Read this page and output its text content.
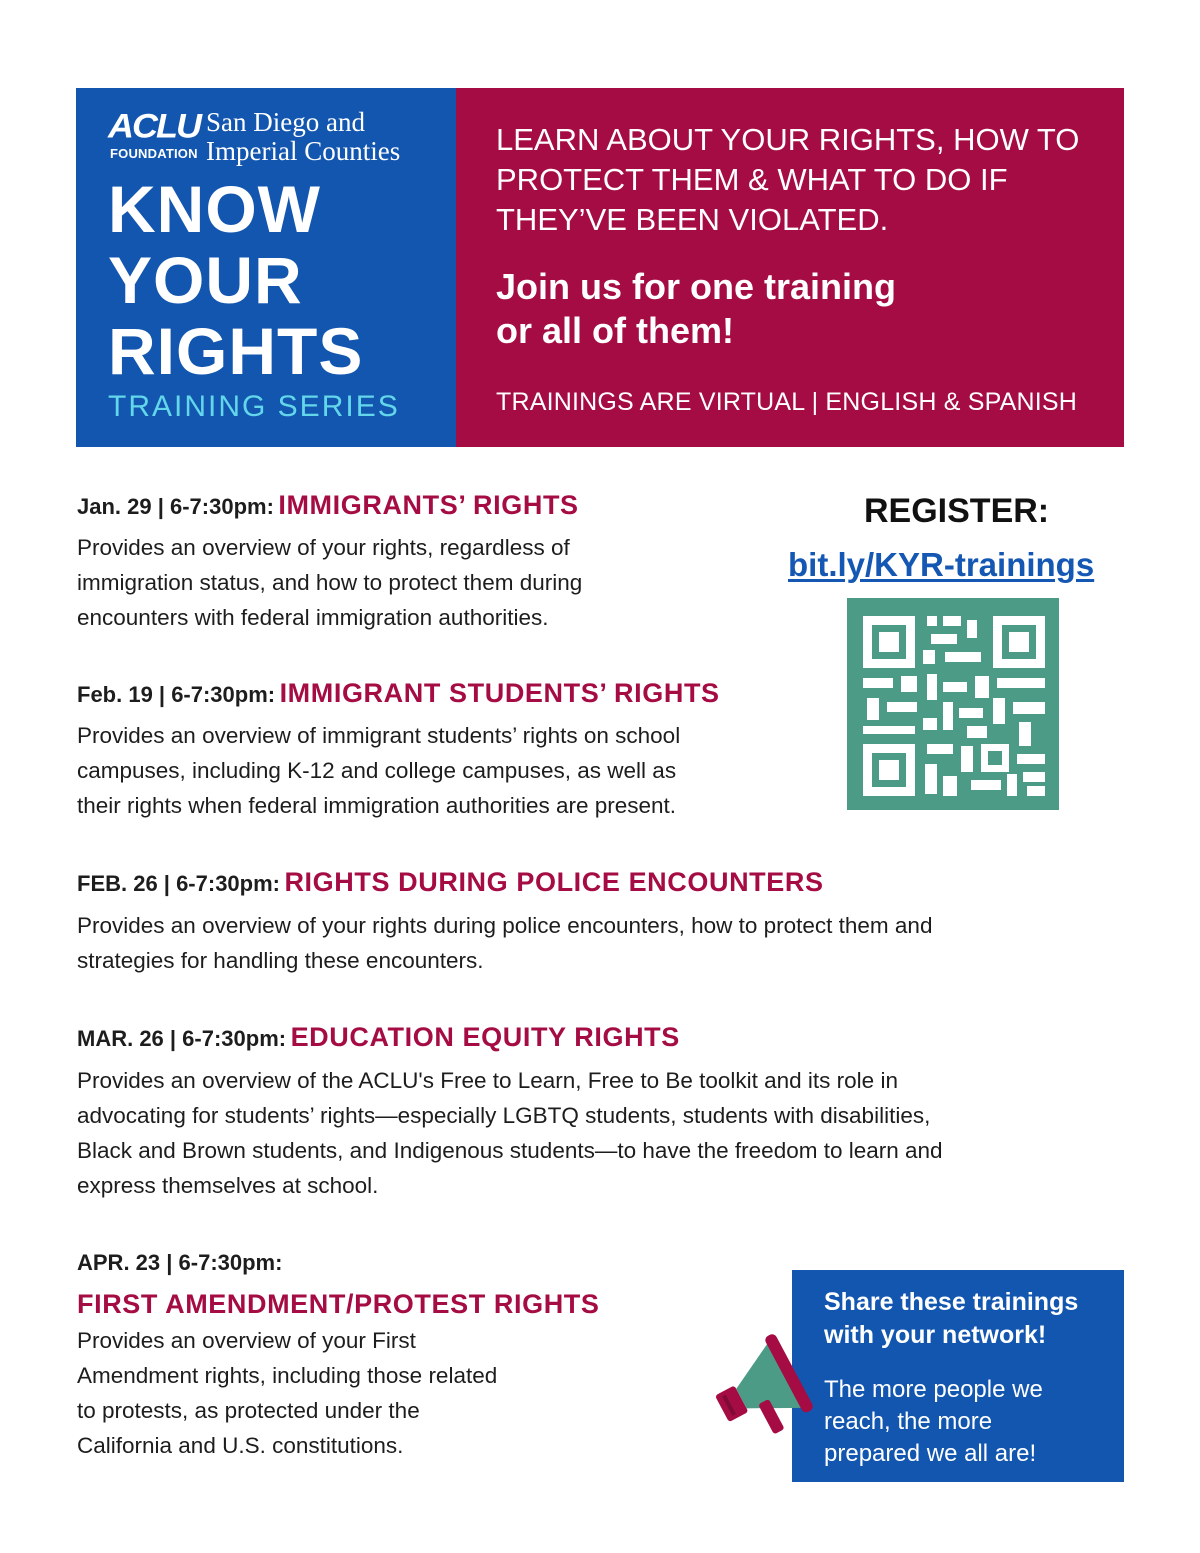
ACLU
FOUNDATION
San Diego and
Imperial Counties
KNOW
YOUR
RIGHTS
TRAINING SERIES
LEARN ABOUT YOUR RIGHTS, HOW TO
PROTECT THEM & WHAT TO DO IF
THEY’VE BEEN VIOLATED.
Join us for one training
or all of them!
TRAININGS ARE VIRTUAL | ENGLISH & SPANISH
Jan. 29 | 6-7:30pm: IMMIGRANTS’ RIGHTS
Provides an overview of your rights, regardless of
immigration status, and how to protect them during
encounters with federal immigration authorities.
Feb. 19 | 6-7:30pm: IMMIGRANT STUDENTS’ RIGHTS
Provides an overview of immigrant students’ rights on school
campuses, including K-12 and college campuses, as well as
their rights when federal immigration authorities are present.
FEB. 26 | 6-7:30pm: RIGHTS DURING POLICE ENCOUNTERS
Provides an overview of your rights during police encounters, how to protect them and
strategies for handling these encounters.
MAR. 26 | 6-7:30pm: EDUCATION EQUITY RIGHTS
Provides an overview of the ACLU's Free to Learn, Free to Be toolkit and its role in
advocating for students’ rights—especially LGBTQ students, students with disabilities,
Black and Brown students, and Indigenous students—to have the freedom to learn and
express themselves at school.
APR. 23 | 6-7:30pm:
FIRST AMENDMENT/PROTEST RIGHTS
Provides an overview of your First
Amendment rights, including those related
to protests, as protected under the
California and U.S. constitutions.
REGISTER:
bit.ly/KYR-trainings
Share these trainings
with your network!
The more people we
reach, the more
prepared we all are!
